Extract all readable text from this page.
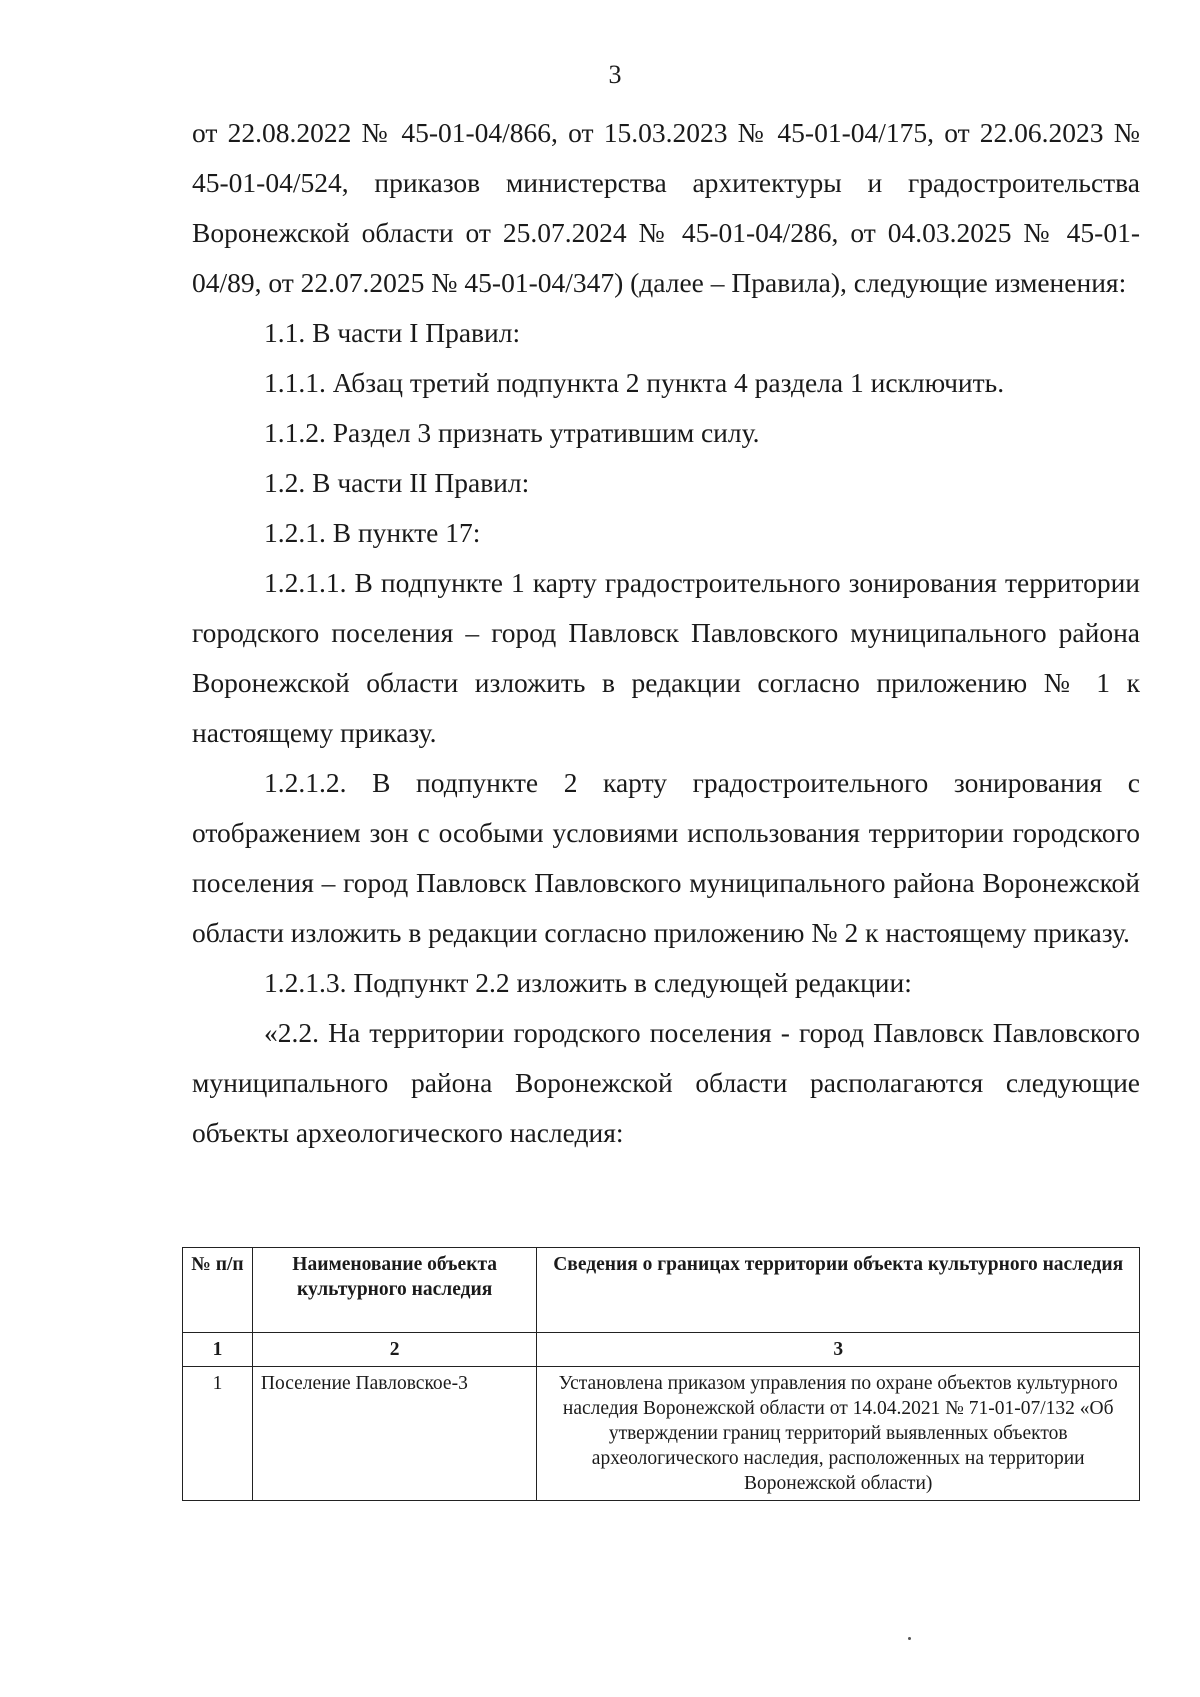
3

от 22.08.2022 № 45-01-04/866, от 15.03.2023 № 45-01-04/175, от 22.06.2023 № 45-01-04/524, приказов министерства архитектуры и градостроительства Воронежской области от 25.07.2024 № 45-01-04/286, от 04.03.2025 № 45-01-04/89, от 22.07.2025 № 45-01-04/347) (далее – Правила), следующие изменения:

1.1. В части I Правил:

1.1.1. Абзац третий подпункта 2 пункта 4 раздела 1 исключить.

1.1.2. Раздел 3 признать утратившим силу.

1.2. В части II Правил:

1.2.1. В пункте 17:

1.2.1.1. В подпункте 1 карту градостроительного зонирования территории городского поселения – город Павловск Павловского муниципального района Воронежской области изложить в редакции согласно приложению № 1 к настоящему приказу.

1.2.1.2. В подпункте 2 карту градостроительного зонирования с отображением зон с особыми условиями использования территории городского поселения – город Павловск Павловского муниципального района Воронежской области изложить в редакции согласно приложению № 2 к настоящему приказу.

1.2.1.3. Подпункт 2.2 изложить в следующей редакции:

«2.2. На территории городского поселения - город Павловск Павловского муниципального района Воронежской области располагаются следующие объекты археологического наследия:

№ п/п	Наименование объекта культурного наследия	Сведения о границах территории объекта культурного наследия
1	2	3
1	Поселение Павловское-3	Установлена приказом управления по охране объектов культурного наследия Воронежской области от 14.04.2021 № 71-01-07/132 «Об утверждении границ территорий выявленных объектов археологического наследия, расположенных на территории Воронежской области)
